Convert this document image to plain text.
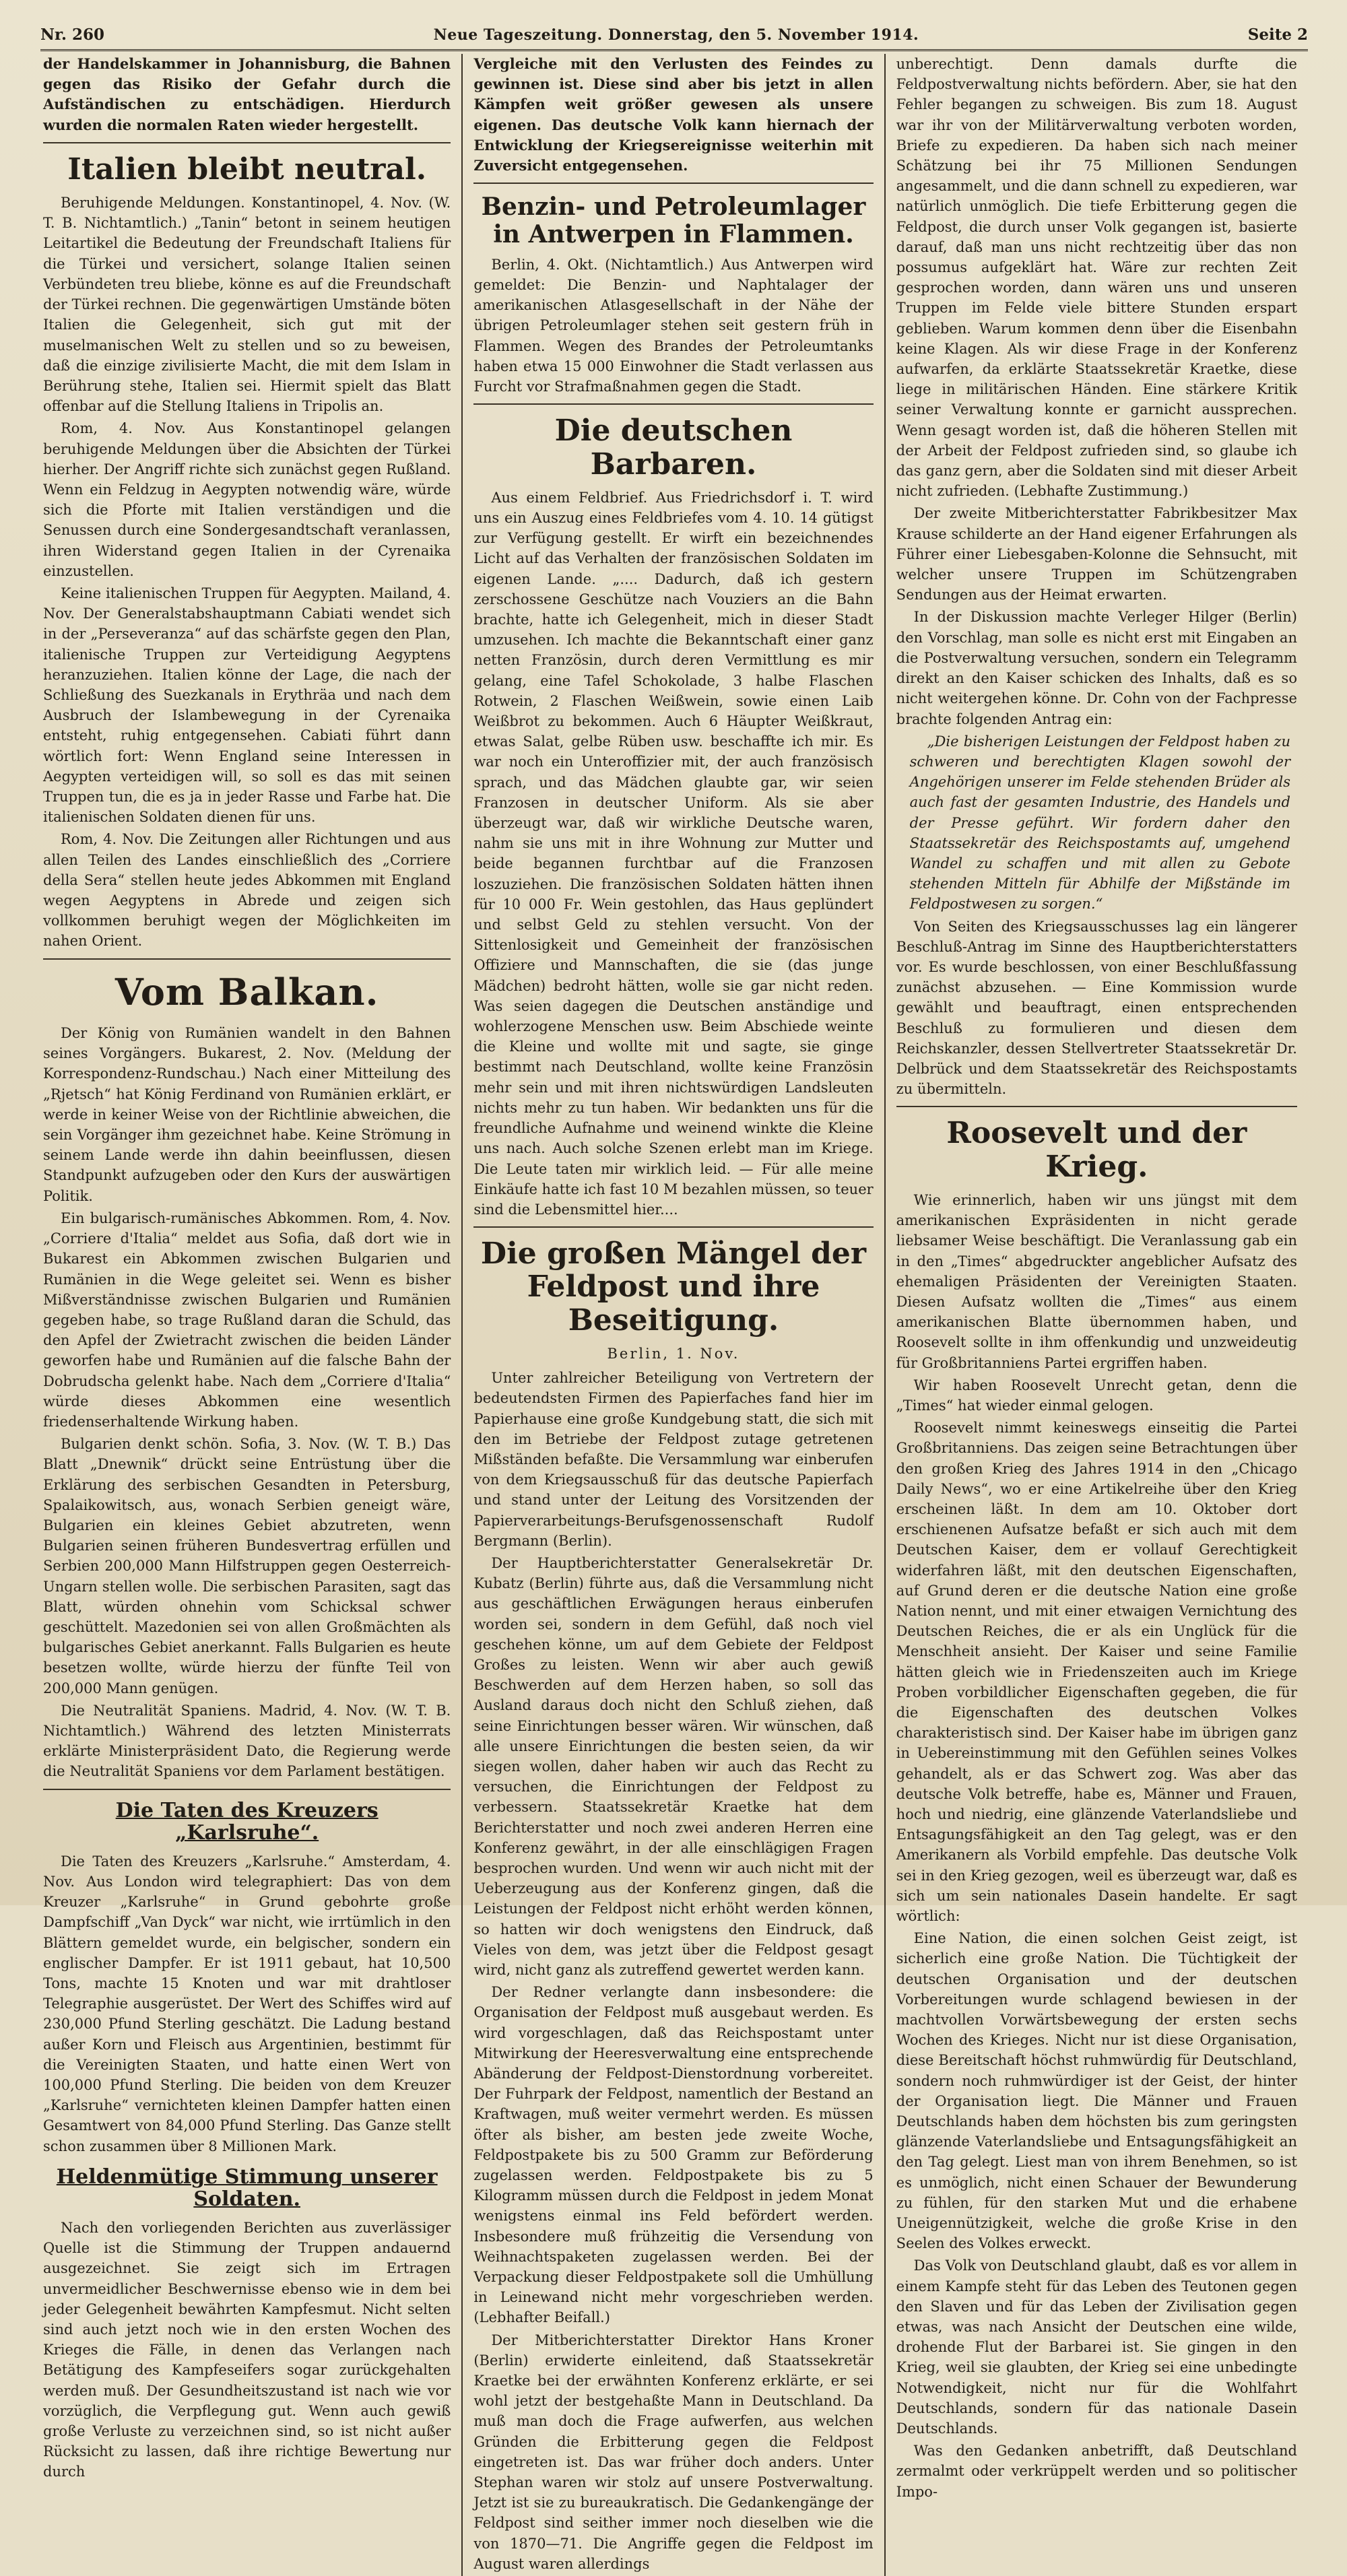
Nr. 260	Neue Tageszeitung. Donnerstag, den 5. November 1914.	Seite 2

der Handelskammer in Johannisburg, die Bahnen gegen das Risiko der Gefahr durch die Aufständischen zu entschädigen. Hierdurch wurden die normalen Raten wieder hergestellt.

Italien bleibt neutral.

Beruhigende Meldungen. Konstantinopel, 4. Nov. (W. T. B. Nichtamtlich.) „Tanin“ betont in seinem heutigen Leitartikel die Bedeutung der Freundschaft Italiens für die Türkei und versichert, solange Italien seinen Verbündeten treu bliebe, könne es auf die Freundschaft der Türkei rechnen. Die gegenwärtigen Umstände böten Italien die Gelegenheit, sich gut mit der muselmanischen Welt zu stellen und so zu beweisen, daß die einzige zivilisierte Macht, die mit dem Islam in Berührung stehe, Italien sei. Hiermit spielt das Blatt offenbar auf die Stellung Italiens in Tripolis an.

Rom, 4. Nov. Aus Konstantinopel gelangen beruhigende Meldungen über die Absichten der Türkei hierher. Der Angriff richte sich zunächst gegen Rußland. Wenn ein Feldzug in Aegypten notwendig wäre, würde sich die Pforte mit Italien verständigen und die Senussen durch eine Sondergesandtschaft veranlassen, ihren Widerstand gegen Italien in der Cyrenaika einzustellen.

Keine italienischen Truppen für Aegypten. Mailand, 4. Nov. Der Generalstabshauptmann Cabiati wendet sich in der „Perseveranza“ auf das schärfste gegen den Plan, italienische Truppen zur Verteidigung Aegyptens heranzuziehen. Italien könne der Lage, die nach der Schließung des Suezkanals in Erythräa und nach dem Ausbruch der Islambewegung in der Cyrenaika entsteht, ruhig entgegensehen. Cabiati führt dann wörtlich fort: Wenn England seine Interessen in Aegypten verteidigen will, so soll es das mit seinen Truppen tun, die es ja in jeder Rasse und Farbe hat. Die italienischen Soldaten dienen für uns.

Rom, 4. Nov. Die Zeitungen aller Richtungen und aus allen Teilen des Landes einschließlich des „Corriere della Sera“ stellen heute jedes Abkommen mit England wegen Aegyptens in Abrede und zeigen sich vollkommen beruhigt wegen der Möglichkeiten im nahen Orient.

Vom Balkan.

Der König von Rumänien wandelt in den Bahnen seines Vorgängers. Bukarest, 2. Nov. (Meldung der Korrespondenz-Rundschau.) Nach einer Mitteilung des „Rjetsch“ hat König Ferdinand von Rumänien erklärt, er werde in keiner Weise von der Richtlinie abweichen, die sein Vorgänger ihm gezeichnet habe. Keine Strömung in seinem Lande werde ihn dahin beeinflussen, diesen Standpunkt aufzugeben oder den Kurs der auswärtigen Politik.

Ein bulgarisch-rumänisches Abkommen. Rom, 4. Nov. „Corriere d'Italia“ meldet aus Sofia, daß dort wie in Bukarest ein Abkommen zwischen Bulgarien und Rumänien in die Wege geleitet sei. Wenn es bisher Mißverständnisse zwischen Bulgarien und Rumänien gegeben habe, so trage Rußland daran die Schuld, das den Apfel der Zwietracht zwischen die beiden Länder geworfen habe und Rumänien auf die falsche Bahn der Dobrudscha gelenkt habe. Nach dem „Corriere d'Italia“ würde dieses Abkommen eine wesentlich friedenserhaltende Wirkung haben.

Bulgarien denkt schön. Sofia, 3. Nov. (W. T. B.) Das Blatt „Dnewnik“ drückt seine Entrüstung über die Erklärung des serbischen Gesandten in Petersburg, Spalaikowitsch, aus, wonach Serbien geneigt wäre, Bulgarien ein kleines Gebiet abzutreten, wenn Bulgarien seinen früheren Bundesvertrag erfüllen und Serbien 200,000 Mann Hilfstruppen gegen Oesterreich-Ungarn stellen wolle. Die serbischen Parasiten, sagt das Blatt, würden ohnehin vom Schicksal schwer geschüttelt. Mazedonien sei von allen Großmächten als bulgarisches Gebiet anerkannt. Falls Bulgarien es heute besetzen wollte, würde hierzu der fünfte Teil von 200,000 Mann genügen.

Die Neutralität Spaniens. Madrid, 4. Nov. (W. T. B. Nichtamtlich.) Während des letzten Ministerrats erklärte Ministerpräsident Dato, die Regierung werde die Neutralität Spaniens vor dem Parlament bestätigen.

Die Taten des Kreuzers „Karlsruhe“.

Die Taten des Kreuzers „Karlsruhe.“ Amsterdam, 4. Nov. Aus London wird telegraphiert: Das von dem Kreuzer „Karlsruhe“ in Grund gebohrte große Dampfschiff „Van Dyck“ war nicht, wie irrtümlich in den Blättern gemeldet wurde, ein belgischer, sondern ein englischer Dampfer. Er ist 1911 gebaut, hat 10,500 Tons, machte 15 Knoten und war mit drahtloser Telegraphie ausgerüstet. Der Wert des Schiffes wird auf 230,000 Pfund Sterling geschätzt. Die Ladung bestand außer Korn und Fleisch aus Argentinien, bestimmt für die Vereinigten Staaten, und hatte einen Wert von 100,000 Pfund Sterling. Die beiden von dem Kreuzer „Karlsruhe“ vernichteten kleinen Dampfer hatten einen Gesamtwert von 84,000 Pfund Sterling. Das Ganze stellt schon zusammen über 8 Millionen Mark.

Heldenmütige Stimmung unserer Soldaten.

Nach den vorliegenden Berichten aus zuverlässiger Quelle ist die Stimmung der Truppen andauernd ausgezeichnet. Sie zeigt sich im Ertragen unvermeidlicher Beschwernisse ebenso wie in dem bei jeder Gelegenheit bewährten Kampfesmut. Nicht selten sind auch jetzt noch wie in den ersten Wochen des Krieges die Fälle, in denen das Verlangen nach Betätigung des Kampfeseifers sogar zurückgehalten werden muß. Der Gesundheitszustand ist nach wie vor vorzüglich, die Verpflegung gut. Wenn auch gewiß große Verluste zu verzeichnen sind, so ist nicht außer Rücksicht zu lassen, daß ihre richtige Bewertung nur durch

Vergleiche mit den Verlusten des Feindes zu gewinnen ist. Diese sind aber bis jetzt in allen Kämpfen weit größer gewesen als unsere eigenen. Das deutsche Volk kann hiernach der Entwicklung der Kriegsereignisse weiterhin mit Zuversicht entgegensehen.

Benzin- und Petroleumlager in Antwerpen in Flammen.

Berlin, 4. Okt. (Nichtamtlich.) Aus Antwerpen wird gemeldet: Die Benzin- und Naphtalager der amerikanischen Atlasgesellschaft in der Nähe der übrigen Petroleumlager stehen seit gestern früh in Flammen. Wegen des Brandes der Petroleumtanks haben etwa 15 000 Einwohner die Stadt verlassen aus Furcht vor Strafmaßnahmen gegen die Stadt.

Die deutschen Barbaren.

Aus einem Feldbrief. Aus Friedrichsdorf i. T. wird uns ein Auszug eines Feldbriefes vom 4. 10. 14 gütigst zur Verfügung gestellt. Er wirft ein bezeichnendes Licht auf das Verhalten der französischen Soldaten im eigenen Lande. „.... Dadurch, daß ich gestern zerschossene Geschütze nach Vouziers an die Bahn brachte, hatte ich Gelegenheit, mich in dieser Stadt umzusehen. Ich machte die Bekanntschaft einer ganz netten Französin, durch deren Vermittlung es mir gelang, eine Tafel Schokolade, 3 halbe Flaschen Rotwein, 2 Flaschen Weißwein, sowie einen Laib Weißbrot zu bekommen. Auch 6 Häupter Weißkraut, etwas Salat, gelbe Rüben usw. beschaffte ich mir. Es war noch ein Unteroffizier mit, der auch französisch sprach, und das Mädchen glaubte gar, wir seien Franzosen in deutscher Uniform. Als sie aber überzeugt war, daß wir wirkliche Deutsche waren, nahm sie uns mit in ihre Wohnung zur Mutter und beide begannen furchtbar auf die Franzosen loszuziehen. Die französischen Soldaten hätten ihnen für 10 000 Fr. Wein gestohlen, das Haus geplündert und selbst Geld zu stehlen versucht. Von der Sittenlosigkeit und Gemeinheit der französischen Offiziere und Mannschaften, die sie (das junge Mädchen) bedroht hätten, wolle sie gar nicht reden. Was seien dagegen die Deutschen anständige und wohlerzogene Menschen usw. Beim Abschiede weinte die Kleine und wollte mit und sagte, sie ginge bestimmt nach Deutschland, wollte keine Französin mehr sein und mit ihren nichtswürdigen Landsleuten nichts mehr zu tun haben. Wir bedankten uns für die freundliche Aufnahme und weinend winkte die Kleine uns nach. Auch solche Szenen erlebt man im Kriege. Die Leute taten mir wirklich leid. — Für alle meine Einkäufe hatte ich fast 10 M bezahlen müssen, so teuer sind die Lebensmittel hier....

Die großen Mängel der Feldpost und ihre Beseitigung.

Berlin, 1. Nov.

Unter zahlreicher Beteiligung von Vertretern der bedeutendsten Firmen des Papierfaches fand hier im Papierhause eine große Kundgebung statt, die sich mit den im Betriebe der Feldpost zutage getretenen Mißständen befaßte. Die Versammlung war einberufen von dem Kriegsausschuß für das deutsche Papierfach und stand unter der Leitung des Vorsitzenden der Papierverarbeitungs-Berufsgenossenschaft Rudolf Bergmann (Berlin).

Der Hauptberichterstatter Generalsekretär Dr. Kubatz (Berlin) führte aus, daß die Versammlung nicht aus geschäftlichen Erwägungen heraus einberufen worden sei, sondern in dem Gefühl, daß noch viel geschehen könne, um auf dem Gebiete der Feldpost Großes zu leisten. Wenn wir aber auch gewiß Beschwerden auf dem Herzen haben, so soll das Ausland daraus doch nicht den Schluß ziehen, daß seine Einrichtungen besser wären. Wir wünschen, daß alle unsere Einrichtungen die besten seien, da wir siegen wollen, daher haben wir auch das Recht zu versuchen, die Einrichtungen der Feldpost zu verbessern. Staatssekretär Kraetke hat dem Berichterstatter und noch zwei anderen Herren eine Konferenz gewährt, in der alle einschlägigen Fragen besprochen wurden. Und wenn wir auch nicht mit der Ueberzeugung aus der Konferenz gingen, daß die Leistungen der Feldpost nicht erhöht werden können, so hatten wir doch wenigstens den Eindruck, daß Vieles von dem, was jetzt über die Feldpost gesagt wird, nicht ganz als zutreffend gewertet werden kann.

Der Redner verlangte dann insbesondere: die Organisation der Feldpost muß ausgebaut werden. Es wird vorgeschlagen, daß das Reichspostamt unter Mitwirkung der Heeresverwaltung eine entsprechende Abänderung der Feldpost-Dienstordnung vorbereitet. Der Fuhrpark der Feldpost, namentlich der Bestand an Kraftwagen, muß weiter vermehrt werden. Es müssen öfter als bisher, am besten jede zweite Woche, Feldpostpakete bis zu 500 Gramm zur Beförderung zugelassen werden. Feldpostpakete bis zu 5 Kilogramm müssen durch die Feldpost in jedem Monat wenigstens einmal ins Feld befördert werden. Insbesondere muß frühzeitig die Versendung von Weihnachtspaketen zugelassen werden. Bei der Verpackung dieser Feldpostpakete soll die Umhüllung in Leinewand nicht mehr vorgeschrieben werden. (Lebhafter Beifall.)

Der Mitberichterstatter Direktor Hans Kroner (Berlin) erwiderte einleitend, daß Staatssekretär Kraetke bei der erwähnten Konferenz erklärte, er sei wohl jetzt der bestgehaßte Mann in Deutschland. Da muß man doch die Frage aufwerfen, aus welchen Gründen die Erbitterung gegen die Feldpost eingetreten ist. Das war früher doch anders. Unter Stephan waren wir stolz auf unsere Postverwaltung. Jetzt ist sie zu bureaukratisch. Die Gedankengänge der Feldpost sind seither immer noch dieselben wie die von 1870—71. Die Angriffe gegen die Feldpost im August waren allerdings

unberechtigt. Denn damals durfte die Feldpostverwaltung nichts befördern. Aber, sie hat den Fehler begangen zu schweigen. Bis zum 18. August war ihr von der Militärverwaltung verboten worden, Briefe zu expedieren. Da haben sich nach meiner Schätzung bei ihr 75 Millionen Sendungen angesammelt, und die dann schnell zu expedieren, war natürlich unmöglich. Die tiefe Erbitterung gegen die Feldpost, die durch unser Volk gegangen ist, basierte darauf, daß man uns nicht rechtzeitig über das non possumus aufgeklärt hat. Wäre zur rechten Zeit gesprochen worden, dann wären uns und unseren Truppen im Felde viele bittere Stunden erspart geblieben. Warum kommen denn über die Eisenbahn keine Klagen. Als wir diese Frage in der Konferenz aufwarfen, da erklärte Staatssekretär Kraetke, diese liege in militärischen Händen. Eine stärkere Kritik seiner Verwaltung konnte er garnicht aussprechen. Wenn gesagt worden ist, daß die höheren Stellen mit der Arbeit der Feldpost zufrieden sind, so glaube ich das ganz gern, aber die Soldaten sind mit dieser Arbeit nicht zufrieden. (Lebhafte Zustimmung.)

Der zweite Mitberichterstatter Fabrikbesitzer Max Krause schilderte an der Hand eigener Erfahrungen als Führer einer Liebesgaben-Kolonne die Sehnsucht, mit welcher unsere Truppen im Schützengraben Sendungen aus der Heimat erwarten.

In der Diskussion machte Verleger Hilger (Berlin) den Vorschlag, man solle es nicht erst mit Eingaben an die Postverwaltung versuchen, sondern ein Telegramm direkt an den Kaiser schicken des Inhalts, daß es so nicht weitergehen könne. Dr. Cohn von der Fachpresse brachte folgenden Antrag ein:

„Die bisherigen Leistungen der Feldpost haben zu schweren und berechtigten Klagen sowohl der Angehörigen unserer im Felde stehenden Brüder als auch fast der gesamten Industrie, des Handels und der Presse geführt. Wir fordern daher den Staatssekretär des Reichspostamts auf, umgehend Wandel zu schaffen und mit allen zu Gebote stehenden Mitteln für Abhilfe der Mißstände im Feldpostwesen zu sorgen.“

Von Seiten des Kriegsausschusses lag ein längerer Beschluß-Antrag im Sinne des Hauptberichterstatters vor. Es wurde beschlossen, von einer Beschlußfassung zunächst abzusehen. — Eine Kommission wurde gewählt und beauftragt, einen entsprechenden Beschluß zu formulieren und diesen dem Reichskanzler, dessen Stellvertreter Staatssekretär Dr. Delbrück und dem Staatssekretär des Reichspostamts zu übermitteln.

Roosevelt und der Krieg.

Wie erinnerlich, haben wir uns jüngst mit dem amerikanischen Expräsidenten in nicht gerade liebsamer Weise beschäftigt. Die Veranlassung gab ein in den „Times“ abgedruckter angeblicher Aufsatz des ehemaligen Präsidenten der Vereinigten Staaten. Diesen Aufsatz wollten die „Times“ aus einem amerikanischen Blatte übernommen haben, und Roosevelt sollte in ihm offenkundig und unzweideutig für Großbritanniens Partei ergriffen haben.

Wir haben Roosevelt Unrecht getan, denn die „Times“ hat wieder einmal gelogen.

Roosevelt nimmt keineswegs einseitig die Partei Großbritanniens. Das zeigen seine Betrachtungen über den großen Krieg des Jahres 1914 in den „Chicago Daily News“, wo er eine Artikelreihe über den Krieg erscheinen läßt. In dem am 10. Oktober dort erschienenen Aufsatze befaßt er sich auch mit dem Deutschen Kaiser, dem er vollauf Gerechtigkeit widerfahren läßt, mit den deutschen Eigenschaften, auf Grund deren er die deutsche Nation eine große Nation nennt, und mit einer etwaigen Vernichtung des Deutschen Reiches, die er als ein Unglück für die Menschheit ansieht. Der Kaiser und seine Familie hätten gleich wie in Friedenszeiten auch im Kriege Proben vorbildlicher Eigenschaften gegeben, die für die Eigenschaften des deutschen Volkes charakteristisch sind. Der Kaiser habe im übrigen ganz in Uebereinstimmung mit den Gefühlen seines Volkes gehandelt, als er das Schwert zog. Was aber das deutsche Volk betreffe, habe es, Männer und Frauen, hoch und niedrig, eine glänzende Vaterlandsliebe und Entsagungsfähigkeit an den Tag gelegt, was er den Amerikanern als Vorbild empfehle. Das deutsche Volk sei in den Krieg gezogen, weil es überzeugt war, daß es sich um sein nationales Dasein handelte. Er sagt wörtlich:

Eine Nation, die einen solchen Geist zeigt, ist sicherlich eine große Nation. Die Tüchtigkeit der deutschen Organisation und der deutschen Vorbereitungen wurde schlagend bewiesen in der machtvollen Vorwärtsbewegung der ersten sechs Wochen des Krieges. Nicht nur ist diese Organisation, diese Bereitschaft höchst ruhmwürdig für Deutschland, sondern noch ruhmwürdiger ist der Geist, der hinter der Organisation liegt. Die Männer und Frauen Deutschlands haben dem höchsten bis zum geringsten glänzende Vaterlandsliebe und Entsagungsfähigkeit an den Tag gelegt. Liest man von ihrem Benehmen, so ist es unmöglich, nicht einen Schauer der Bewunderung zu fühlen, für den starken Mut und die erhabene Uneigennützigkeit, welche die große Krise in den Seelen des Volkes erweckt.

Das Volk von Deutschland glaubt, daß es vor allem in einem Kampfe steht für das Leben des Teutonen gegen den Slaven und für das Leben der Zivilisation gegen etwas, was nach Ansicht der Deutschen eine wilde, drohende Flut der Barbarei ist. Sie gingen in den Krieg, weil sie glaubten, der Krieg sei eine unbedingte Notwendigkeit, nicht nur für die Wohlfahrt Deutschlands, sondern für das nationale Dasein Deutschlands.

Was den Gedanken anbetrifft, daß Deutschland zermalmt oder verkrüppelt werden und so politischer Impo-
